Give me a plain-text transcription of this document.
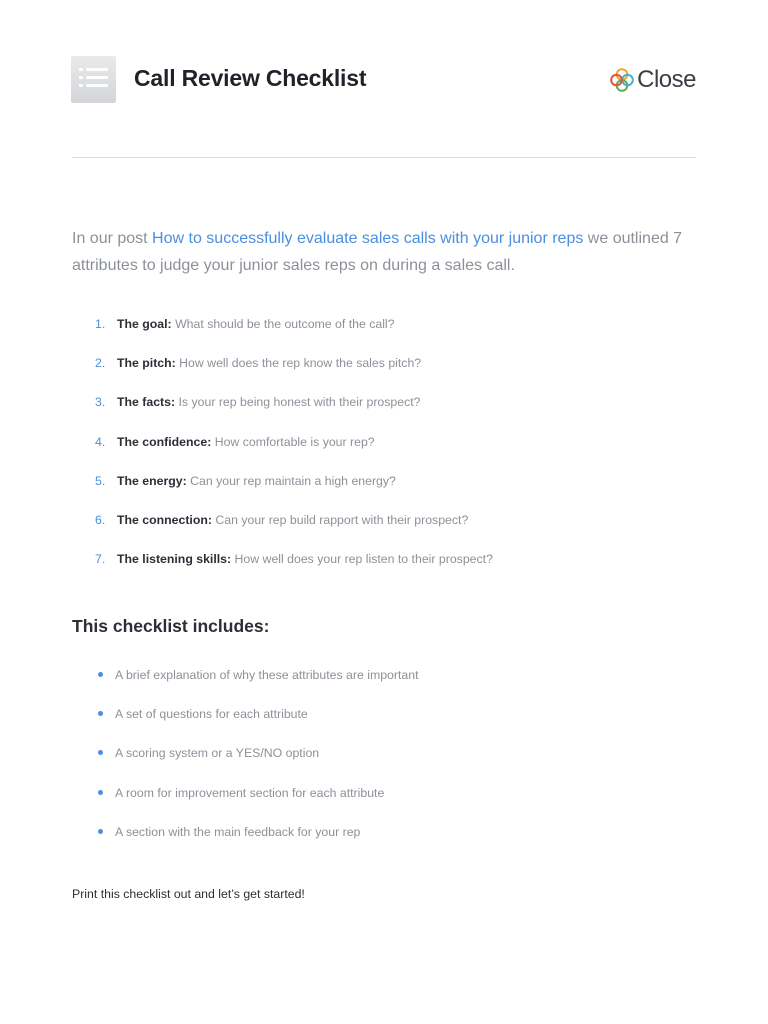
Call Review Checklist	Close

In our post How to successfully evaluate sales calls with your junior reps we outlined 7 attributes to judge your junior sales reps on during a sales call.

1. The goal: What should be the outcome of the call?
2. The pitch: How well does the rep know the sales pitch?
3. The facts: Is your rep being honest with their prospect?
4. The confidence: How comfortable is your rep?
5. The energy: Can your rep maintain a high energy?
6. The connection: Can your rep build rapport with their prospect?
7. The listening skills: How well does your rep listen to their prospect?
This checklist includes:
A brief explanation of why these attributes are important
A set of questions for each attribute
A scoring system or a YES/NO option
A room for improvement section for each attribute
A section with the main feedback for your rep

Print this checklist out and let’s get started!
